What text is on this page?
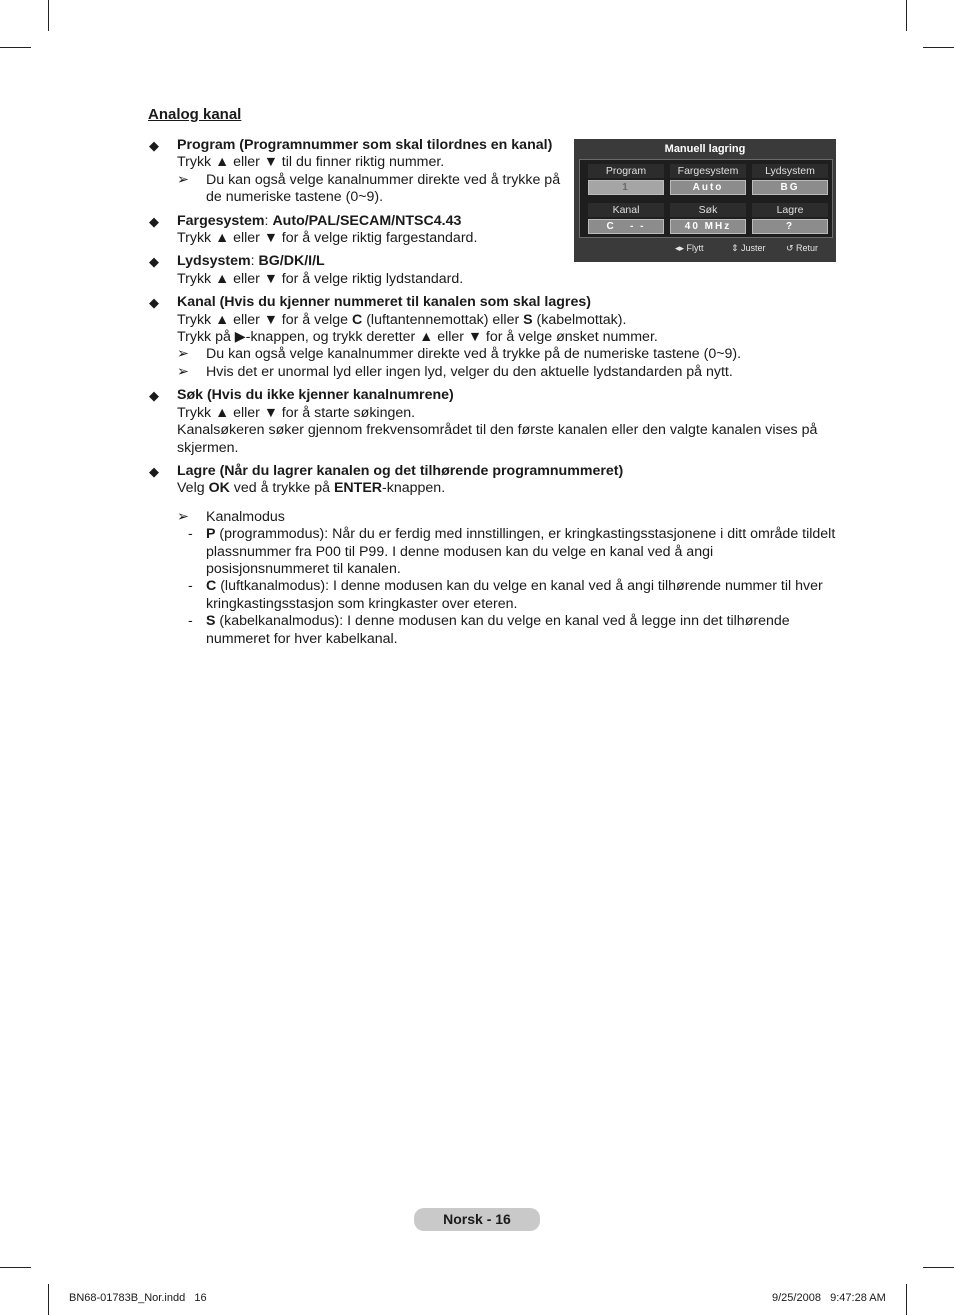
Analog kanal
Manuell lagring
Program
1
Fargesystem
Auto
Lydsystem
BG
Kanal
C   - -
Søk
40 MHz
Lagre
?
◂▸ Flytt	⇕ Juster ↺ Retur
◆ Program (Programnummer som skal tilordnes en kanal)
Trykk ▲ eller ▼ til du finner riktig nummer.
➢ Du kan også velge kanalnummer direkte ved å trykke på de numeriske tastene (0~9).
◆ Fargesystem: Auto/PAL/SECAM/NTSC4.43
Trykk ▲ eller ▼ for å velge riktig fargestandard.
◆ Lydsystem: BG/DK/I/L
Trykk ▲ eller ▼ for å velge riktig lydstandard.
◆ Kanal (Hvis du kjenner nummeret til kanalen som skal lagres)
Trykk ▲ eller ▼ for å velge C (luftantennemottak) eller S (kabelmottak).
Trykk på ▶-knappen, og trykk deretter ▲ eller ▼ for å velge ønsket nummer.
➢ Du kan også velge kanalnummer direkte ved å trykke på de numeriske tastene (0~9).
➢ Hvis det er unormal lyd eller ingen lyd, velger du den aktuelle lydstandarden på nytt.
◆ Søk (Hvis du ikke kjenner kanalnumrene)
Trykk ▲ eller ▼ for å starte søkingen.
Kanalsøkeren søker gjennom frekvensområdet til den første kanalen eller den valgte kanalen vises på skjermen.
◆ Lagre (Når du lagrer kanalen og det tilhørende programnummeret)
Velg OK ved å trykke på ENTER-knappen.
➢ Kanalmodus
- P (programmodus): Når du er ferdig med innstillingen, er kringkastingsstasjonene i ditt område tildelt plassnummer fra P00 til P99. I denne modusen kan du velge en kanal ved å angi posisjonsnummeret til kanalen.
- C (luftkanalmodus): I denne modusen kan du velge en kanal ved å angi tilhørende nummer til hver kringkastingsstasjon som kringkaster over eteren.
- S (kabelkanalmodus): I denne modusen kan du velge en kanal ved å legge inn det tilhørende nummeret for hver kabelkanal.
Norsk - 16
BN68-01783B_Nor.indd   16	9/25/2008   9:47:28 AM
